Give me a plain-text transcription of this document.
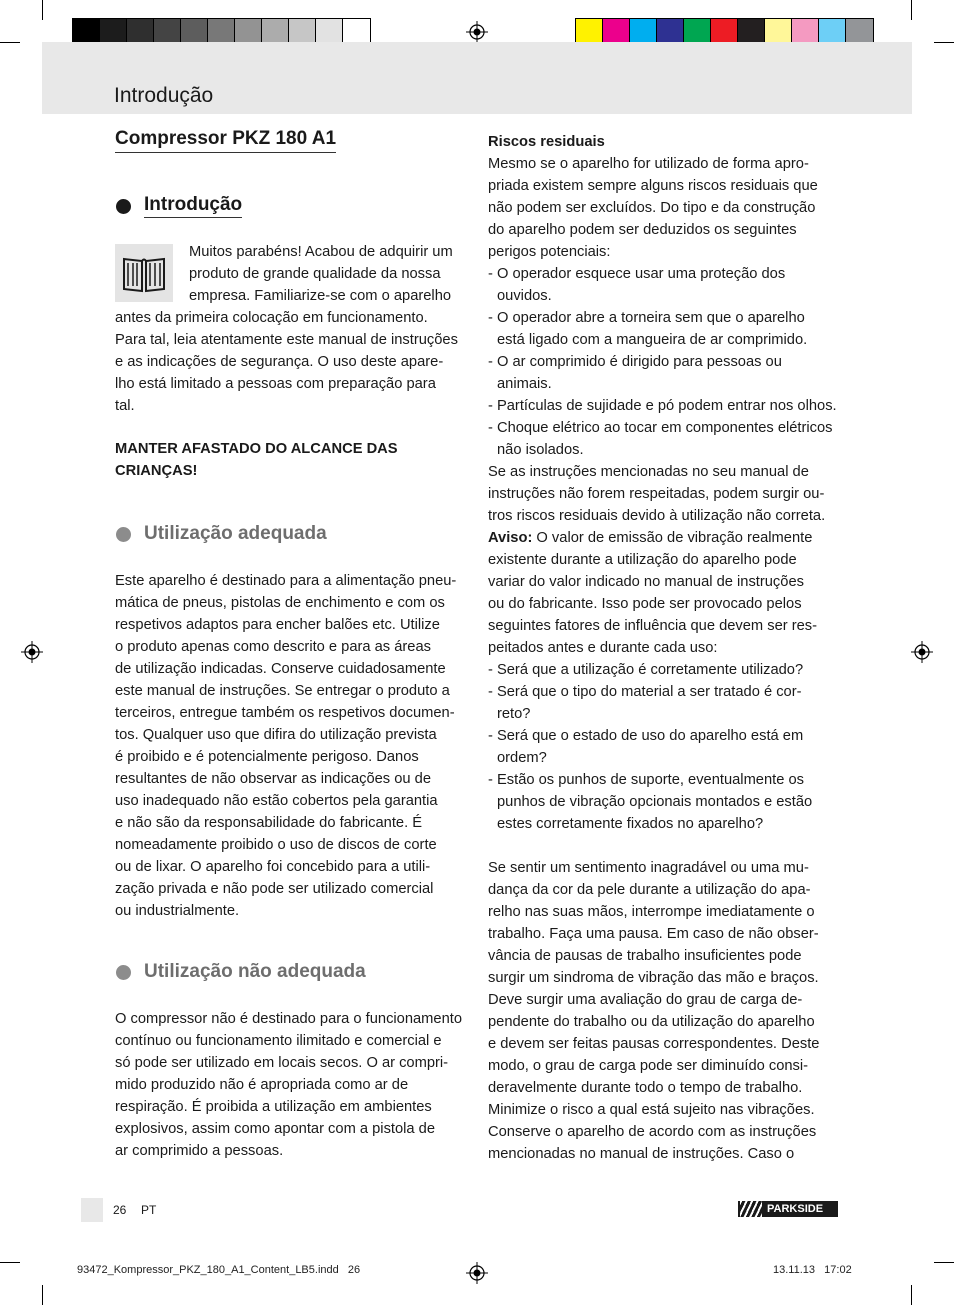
Introdução
Compressor PKZ 180 A1
Introdução

Muitos parabéns! Acabou de adquirir um

produto de grande qualidade da nossa

empresa. Familiarize-se com o aparelho

antes da primeira colocação em funcionamento.

Para tal, leia atentamente este manual de instruções

e as indicações de segurança. O uso deste apare-

lho está limitado a pessoas com preparação para

tal.

MANTER AFASTADO DO ALCANCE DAS

CRIANÇAS!

Utilização adequada

Este aparelho é destinado para a alimentação pneu-

mática de pneus, pistolas de enchimento e com os

respetivos adaptos para encher balões etc. Utilize

o produto apenas como descrito e para as áreas

de utilização indicadas. Conserve cuidadosamente

este manual de instruções. Se entregar o produto a

terceiros, entregue também os respetivos documen-

tos. Qualquer uso que difira do utilização prevista

é proibido e é potencialmente perigoso. Danos

resultantes de não observar as indicações ou de

uso inadequado não estão cobertos pela garantia

e não são da responsabilidade do fabricante. É

nomeadamente proibido o uso de discos de corte

ou de lixar. O aparelho foi concebido para a utili-

zação privada e não pode ser utilizado comercial

ou industrialmente.

Utilização não adequada

O compressor não é destinado para o funcionamento

contínuo ou funcionamento ilimitado e comercial e

só pode ser utilizado em locais secos. O ar compri-

mido produzido não é apropriada como ar de

respiração. É proibida a utilização em ambientes

explosivos, assim como apontar com a pistola de

ar comprimido a pessoas.

Riscos residuais

Mesmo se o aparelho for utilizado de forma apro-

priada existem sempre alguns riscos residuais que

não podem ser excluídos. Do tipo e da construção

do aparelho podem ser deduzidos os seguintes

perigos potenciais:

- O operador esquece usar uma proteção dos

ouvidos.

- O operador abre a torneira sem que o aparelho

está ligado com a mangueira de ar comprimido.

- O ar comprimido é dirigido para pessoas ou

animais.

- Partículas de sujidade e pó podem entrar nos olhos.

- Choque elétrico ao tocar em componentes elétricos

não isolados.

Se as instruções mencionadas no seu manual de

instruções não forem respeitadas, podem surgir ou-

tros riscos residuais devido à utilização não correta.

Aviso: O valor de emissão de vibração realmente

existente durante a utilização do aparelho pode

variar do valor indicado no manual de instruções

ou do fabricante. Isso pode ser provocado pelos

seguintes fatores de influência que devem ser res-

peitados antes e durante cada uso:

- Será que a utilização é corretamente utilizado?

- Será que o tipo do material a ser tratado é cor-

reto?

- Será que o estado de uso do aparelho está em

ordem?

- Estão os punhos de suporte, eventualmente os

punhos de vibração opcionais montados e estão

estes corretamente fixados no aparelho?

Se sentir um sentimento inagradável ou uma mu-

dança da cor da pele durante a utilização do apa-

relho nas suas mãos, interrompe imediatamente o

trabalho. Faça uma pausa. Em caso de não obser-

vância de pausas de trabalho insuficientes pode

surgir um sindroma de vibração das mão e braços.

Deve surgir uma avaliação do grau de carga de-

pendente do trabalho ou da utilização do aparelho

e devem ser feitas pausas correspondentes. Deste

modo, o grau de carga pode ser diminuído consi-

deravelmente durante todo o tempo de trabalho.

Minimize o risco a qual está sujeito nas vibrações.

Conserve o aparelho de acordo com as instruções

mencionadas no manual de instruções. Caso o

26 PT	PARKSIDE
93472_Kompressor_PKZ_180_A1_Content_LB5.indd   26	13.11.13   17:02
